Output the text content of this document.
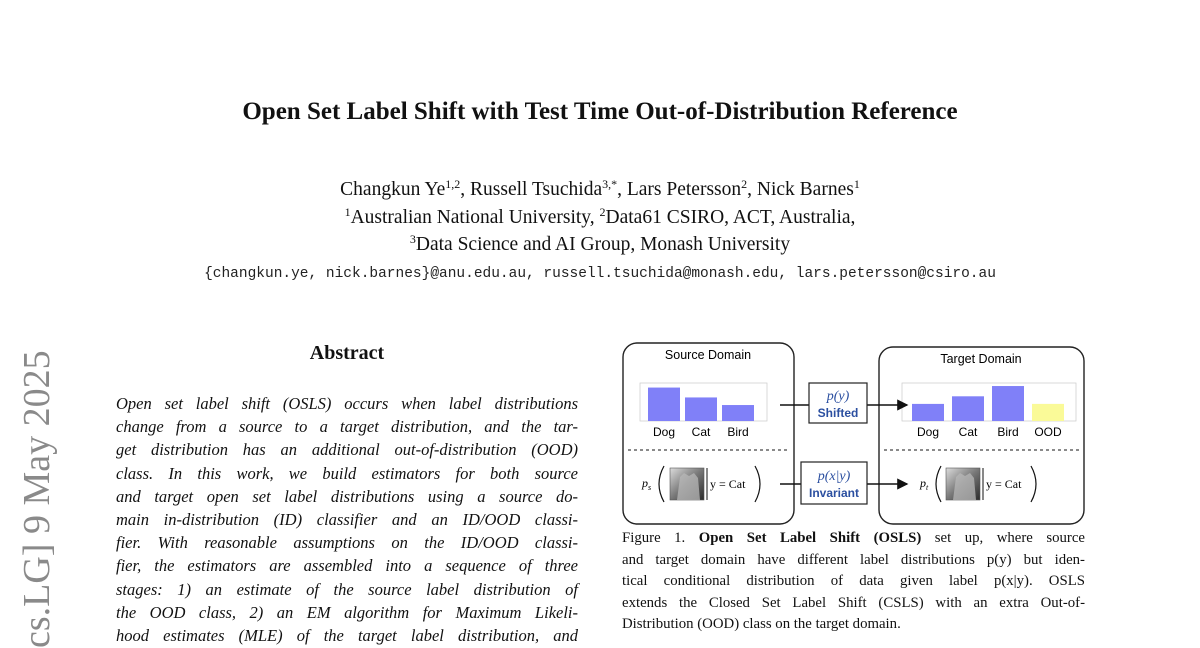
Open Set Label Shift with Test Time Out-of-Distribution Reference
Changkun Ye$^{1,2}$, Russell Tsuchida$^{3,*}$, Lars Petersson$^2$, Nick Barnes$^1$
$^1$Australian National University, $^2$Data61 CSIRO, ACT, Australia,
$^3$Data Science and AI Group, Monash University
{changkun.ye, nick.barnes}@anu.edu.au, russell.tsuchida@monash.edu, lars.petersson@csiro.au
cs.LG] 9 May 2025	Abstract
Open set label shift (OSLS) occurs when label distributions
change from a source to a target distribution, and the tar-
get distribution has an additional out-of-distribution (OOD)
class. In this work, we build estimators for both source
and target open set label distributions using a source do-
main in-distribution (ID) classifier and an ID/OOD classi-
fier. With reasonable assumptions on the ID/OOD classi-
fier, the estimators are assembled into a sequence of three
stages: 1) an estimate of the source label distribution of
the OOD class, 2) an EM algorithm for Maximum Likeli-
hood estimates (MLE) of the target label distribution, and
Source Domain
Dog Cat Bird
Target Domain
Dog Cat Bird OOD
p(y)
Shifted
p(x|y)
Invariant
$p_s$	y = Cat	$p_t$	y = Cat
Figure 1. Open Set Label Shift (OSLS) set up, where source
and target domain have different label distributions p(y) but iden-
tical conditional distribution of data given label p(x|y). OSLS
extends the Closed Set Label Shift (CSLS) with an extra Out-of-
Distribution (OOD) class on the target domain.
